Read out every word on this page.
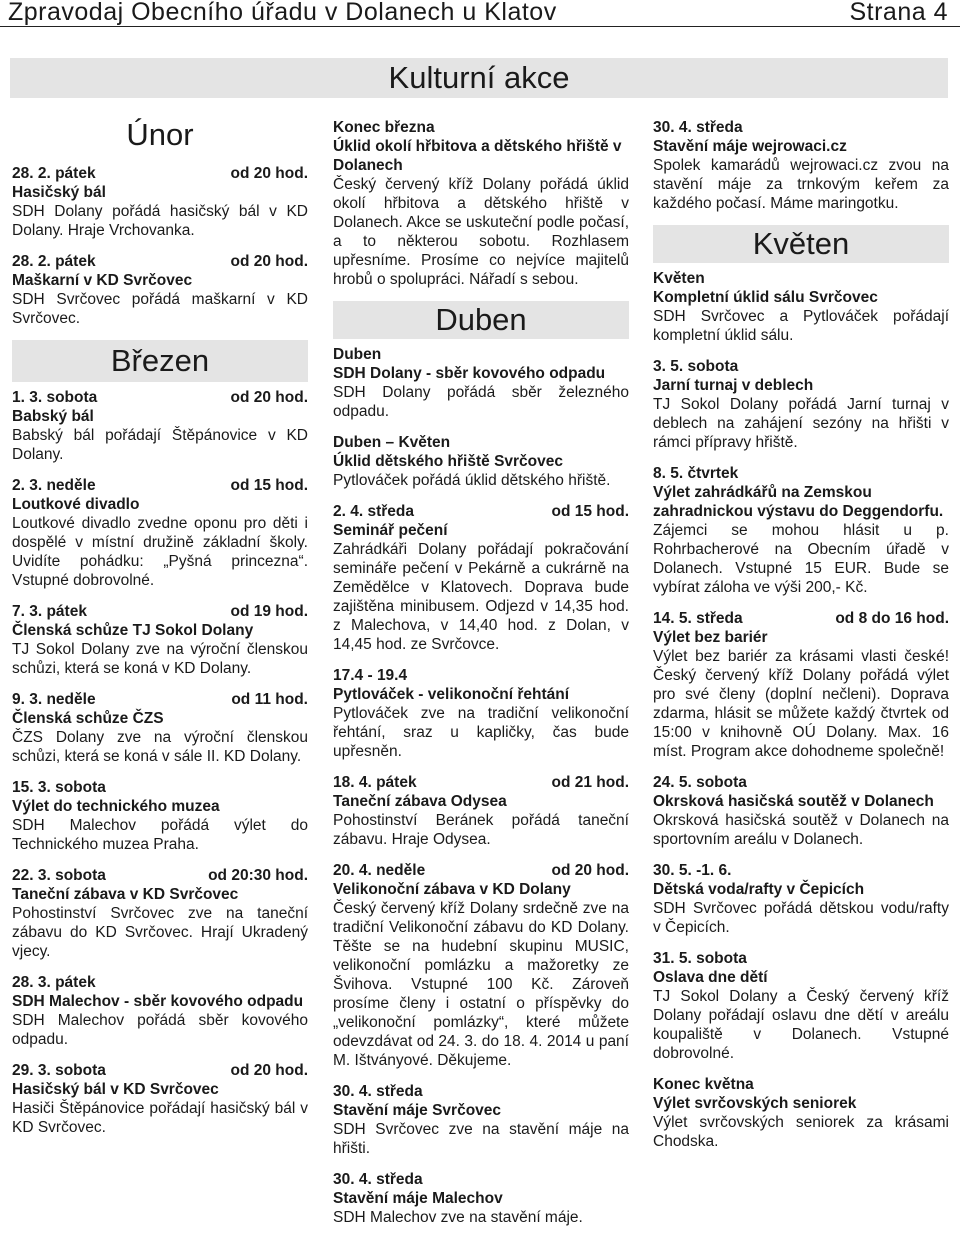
Zpravodaj Obecního úřadu v Dolanech u Klatov	Strana 4
Kulturní akce
Únor
28. 2. pátek	od 20 hod.
Hasičský bál
SDH Dolany pořádá hasičský bál v KD Dolany. Hraje Vrchovanka.
28. 2. pátek	od 20 hod.
Maškarní v KD Svrčovec
SDH Svrčovec pořádá maškarní v KD Svrčovec.
Březen
1. 3. sobota	od 20 hod.
Babský bál
Babský bál pořádají Štěpánovice v KD Dolany.
2. 3. neděle	od 15 hod.
Loutkové divadlo
Loutkové divadlo zvedne oponu pro děti i dospělé v místní družině základní školy. Uvidíte pohádku: „Pyšná princezna“. Vstupné dobrovolné.
7. 3. pátek	od 19 hod.
Členská schůze TJ Sokol Dolany
TJ Sokol Dolany zve na výroční členskou schůzi, která se koná v KD Dolany.
9. 3. neděle	od 11 hod.
Členská schůze ČZS
ČZS Dolany zve na výroční členskou schůzi, která se koná v sále II. KD Dolany.
15. 3. sobota
Výlet do technického muzea
SDH Malechov pořádá výlet do Technického muzea Praha.
22. 3. sobota	od 20:30 hod.
Taneční zábava v KD Svrčovec
Pohostinství Svrčovec zve na taneční zábavu do KD Svrčovec. Hrají Ukradený vjecy.
28. 3. pátek
SDH Malechov - sběr kovového odpadu
SDH Malechov pořádá sběr kovového odpadu.
29. 3. sobota	od 20 hod.
Hasičský bál v KD Svrčovec
Hasiči Štěpánovice pořádají hasičský bál v KD Svrčovec.
Konec března
Úklid okolí hřbitova a dětského hřiště v Dolanech
Český červený kříž Dolany pořádá úklid okolí hřbitova a dětského hřiště v Dolanech. Akce se uskuteční podle počasí, a to některou sobotu. Rozhlasem upřesníme. Prosíme co nejvíce majitelů hrobů o spolupráci. Nářadí s sebou.
Duben
Duben
SDH Dolany - sběr kovového odpadu
SDH Dolany pořádá sběr železného odpadu.
Duben – Květen
Úklid dětského hřiště Svrčovec
Pytlováček pořádá úklid dětského hřiště.
2. 4. středa	od 15 hod.
Seminář pečení
Zahrádkáři Dolany pořádají pokračování semináře pečení v Pekárně a cukrárně na Zemědělce v Klatovech. Doprava bude zajištěna minibusem. Odjezd v 14,35 hod. z Malechova, v 14,40 hod. z Dolan, v 14,45 hod. ze Svrčovce.
17.4 - 19.4
Pytlováček - velikonoční řehtání
Pytlováček zve na tradiční velikonoční řehtání, sraz u kapličky, čas bude upřesněn.
18. 4. pátek	od 21 hod.
Taneční zábava Odysea
Pohostinství Beránek pořádá taneční zábavu. Hraje Odysea.
20. 4. neděle	od 20 hod.
Velikonoční zábava v KD Dolany
Český červený kříž Dolany srdečně zve na tradiční Velikonoční zábavu do KD Dolany. Těšte se na hudební skupinu MUSIC, velikonoční pomlázku a mažoretky ze Švihova. Vstupné 100 Kč. Zároveň prosíme členy i ostatní o příspěvky do „velikonoční pomlázky“, které můžete odevzdávat od 24. 3. do 18. 4. 2014 u paní M. Ištványové. Děkujeme.
30. 4. středa
Stavění máje Svrčovec
SDH Svrčovec zve na stavění máje na hřišti.
30. 4. středa
Stavění máje Malechov
SDH Malechov zve na stavění máje.
30. 4. středa
Stavění máje wejrowaci.cz
Spolek kamarádů wejrowaci.cz zvou na stavění máje za trnkovým keřem za každého počasí. Máme maringotku.
Květen
Květen
Kompletní úklid sálu Svrčovec
SDH Svrčovec a Pytlováček pořádají kompletní úklid sálu.
3. 5. sobota
Jarní turnaj v deblech
TJ Sokol Dolany pořádá Jarní turnaj v deblech na zahájení sezóny na hřišti v rámci přípravy hřiště.
8. 5. čtvrtek
Výlet zahrádkářů na Zemskou zahradnickou výstavu do Deggendorfu.
Zájemci se mohou hlásit u p. Rohrbacherové na Obecním úřadě v Dolanech. Vstupné 15 EUR. Bude se vybírat záloha ve výši 200,- Kč.
14. 5. středa	od 8 do 16 hod.
Výlet bez bariér
Výlet bez bariér za krásami vlasti české! Český červený kříž Dolany pořádá výlet pro své členy (doplní nečleni). Doprava zdarma, hlásit se můžete každý čtvrtek od 15:00 v knihovně OÚ Dolany. Max. 16 míst. Program akce dohodneme společně!
24. 5. sobota
Okrsková hasičská soutěž v Dolanech
Okrsková hasičská soutěž v Dolanech na sportovním areálu v Dolanech.
30. 5. -1. 6.
Dětská voda/rafty v Čepicích
SDH Svrčovec pořádá dětskou vodu/rafty v Čepicích.
31. 5. sobota
Oslava dne dětí
TJ Sokol Dolany a Český červený kříž Dolany pořádají oslavu dne dětí v areálu koupaliště v Dolanech. Vstupné dobrovolné.
Konec května
Výlet svrčovských seniorek
Výlet svrčovských seniorek za krásami Chodska.
